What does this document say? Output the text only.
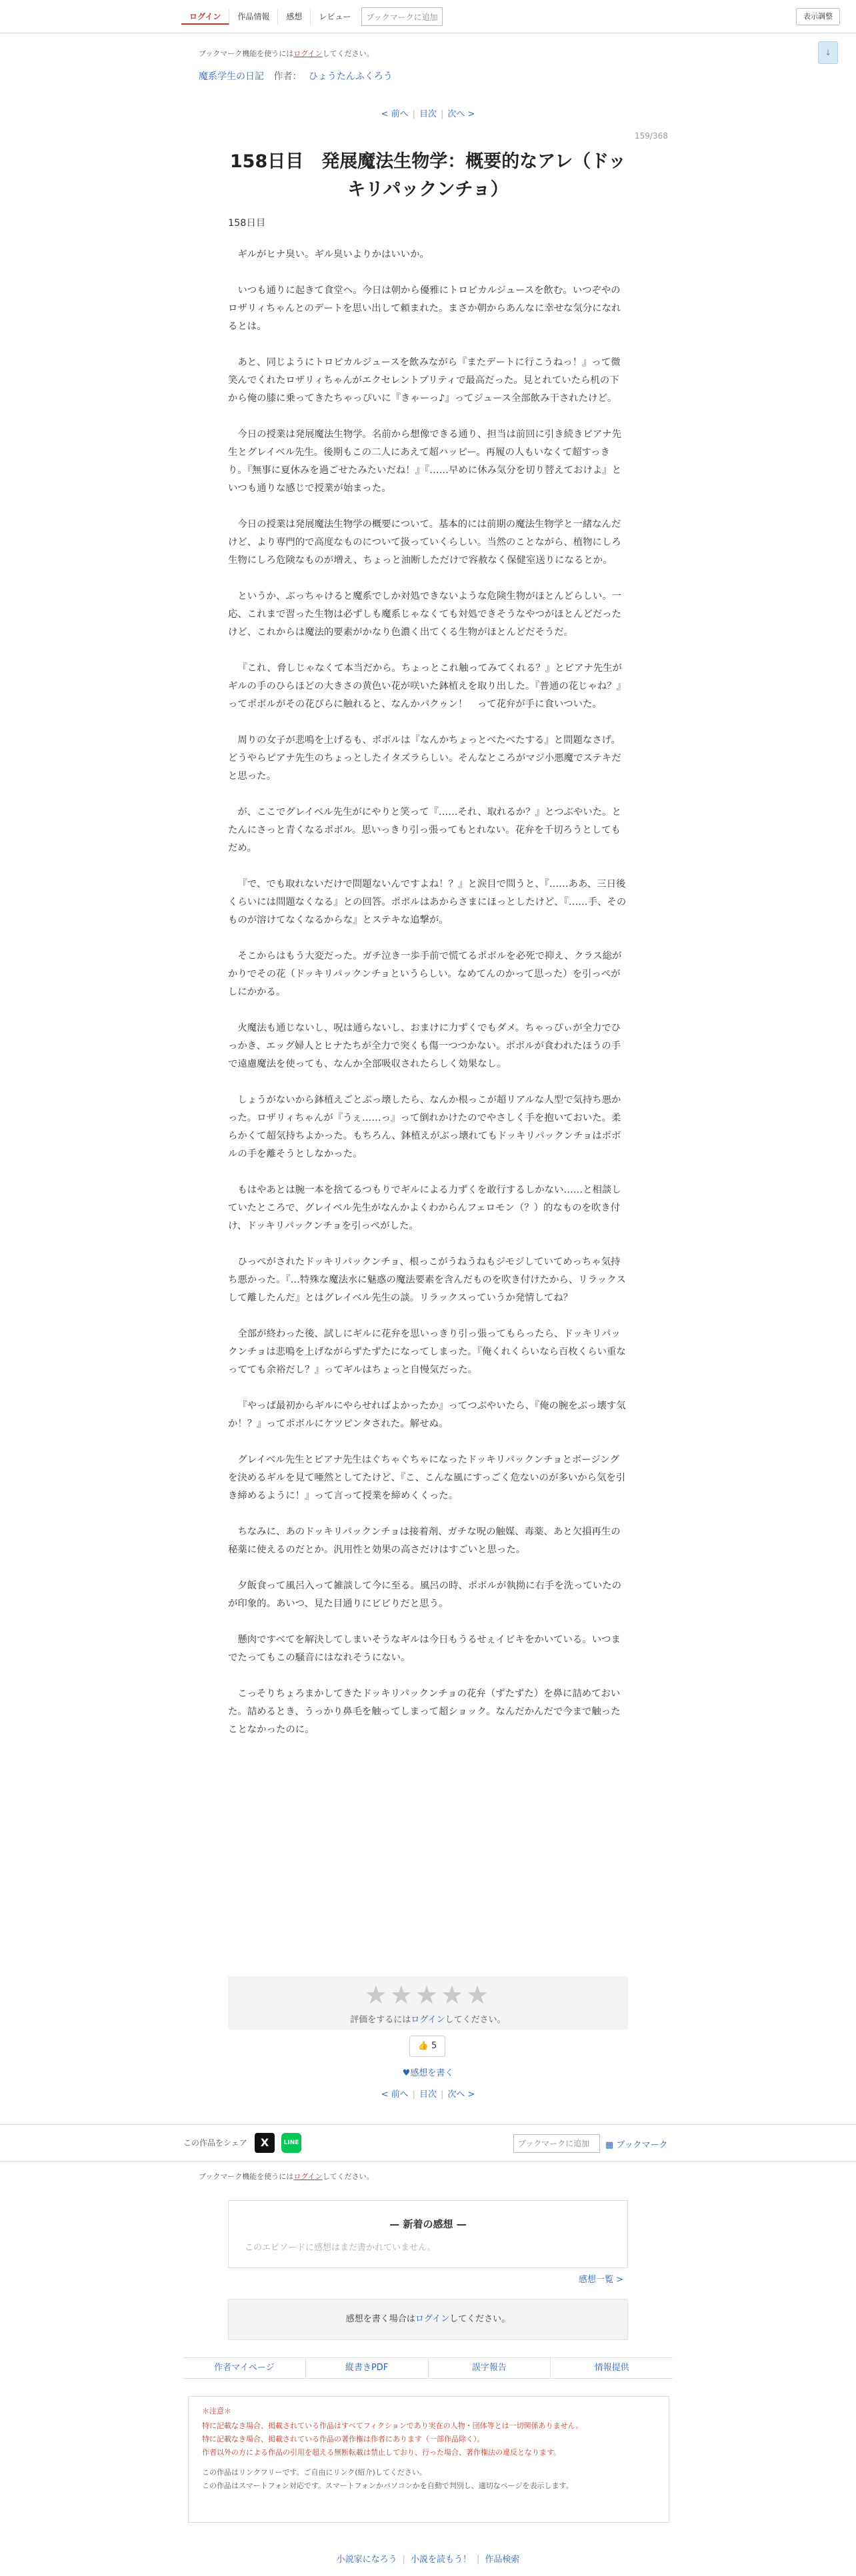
ログイン	作品情報	感想	レビュー	ブックマークに追加	表示調整
ブックマーク機能を使うにはログインしてください。	↓
魔系学生の日記 作者： ひょうたんふくろう
< 前へ | 目次 | 次へ >
159/368
158日目　発展魔法生物学：概要的なアレ（ドッキリパックンチョ）
158日目

ギルがヒナ臭い。ギル臭いよりかはいいか。

いつも通りに起きて食堂へ。今日は朝から優雅にトロピカルジュースを飲む。いつぞやのロザリィちゃんとのデートを思い出して頼まれた。まさか朝からあんなに幸せな気分になれるとは。

あと、同じようにトロピカルジュースを飲みながら『またデートに行こうねっ！』って微笑んでくれたロザリィちゃんがエクセレントプリティで最高だった。見とれていたら机の下から俺の膝に乗ってきたちゃっぴいに『きゃーっ♪』ってジュース全部飲み干されたけど。

今日の授業は発展魔法生物学。名前から想像できる通り、担当は前回に引き続きピアナ先生とグレイベル先生。後期もこの二人にあえて超ハッピー。再履の人もいなくて超すっきり。『無事に夏休みを過ごせたみたいだね！』『……早めに休み気分を切り替えておけよ』といつも通りな感じで授業が始まった。

今日の授業は発展魔法生物学の概要について。基本的には前期の魔法生物学と一緒なんだけど、より専門的で高度なものについて扱っていくらしい。当然のことながら、植物にしろ生物にしろ危険なものが増え、ちょっと油断しただけで容赦なく保健室送りになるとか。

というか、ぶっちゃけると魔系でしか対処できないような危険生物がほとんどらしい。一応、これまで習った生物は必ずしも魔系じゃなくても対処できそうなやつがほとんどだったけど、これからは魔法的要素がかなり色濃く出てくる生物がほとんどだそうだ。

『これ、脅しじゃなくて本当だから。ちょっとこれ触ってみてくれる？』とピアナ先生がギルの手のひらほどの大きさの黄色い花が咲いた鉢植えを取り出した。『普通の花じゃね？』ってポボルがその花びらに触れると、なんかパクゥン！　って花弁が手に食いついた。

周りの女子が悲鳴を上げるも、ポボルは『なんかちょっとべたべたする』と問題なさげ。どうやらピアナ先生のちょっとしたイタズラらしい。そんなところがマジ小悪魔でステキだと思った。

が、ここでグレイベル先生がにやりと笑って『……それ、取れるか？』とつぶやいた。とたんにさっと青くなるポボル。思いっきり引っ張ってもとれない。花弁を千切ろうとしてもだめ。

『で、でも取れないだけで問題ないんですよね！？』と涙目で問うと、『……ああ、三日後くらいには問題なくなる』との回答。ポボルはあからさまにほっとしたけど、『……手、そのものが溶けてなくなるからな』とステキな追撃が。

そこからはもう大変だった。ガチ泣き一歩手前で慌てるポボルを必死で抑え、クラス総がかりでその花（ドッキリパックンチョというらしい。なめてんのかって思った）を引っぺがしにかかる。

火魔法も通じないし、呪は通らないし、おまけに力ずくでもダメ。ちゃっぴぃが全力でひっかき、エッグ婦人とヒナたちが全力で突くも傷一つつかない。ポボルが食われたほうの手で遠慮魔法を使っても、なんか全部吸収されたらしく効果なし。

しょうがないから鉢植えごとぶっ壊したら、なんか根っこが超リアルな人型で気持ち悪かった。ロザリィちゃんが『うぇ……っ』って倒れかけたのでやさしく手を抱いておいた。柔らかくて超気持ちよかった。もちろん、鉢植えがぶっ壊れてもドッキリパックンチョはポボルの手を離そうとしなかった。

もはやあとは腕一本を捨てるつもりでギルによる力ずくを敢行するしかない……と相談していたところで、グレイベル先生がなんかよくわからんフェロモン（？）的なものを吹き付け、ドッキリパックンチョを引っぺがした。

ひっぺがされたドッキリパックンチョ、根っこがうねうねもジモジしていてめっちゃ気持ち悪かった。『…特殊な魔法水に魅惑の魔法要素を含んだものを吹き付けたから、リラックスして離したんだ』とはグレイベル先生の談。リラックスっていうか発情してね？

全部が終わった後、試しにギルに花弁を思いっきり引っ張ってもらったら、ドッキリパックンチョは悲鳴を上げながらずたずたになってしまった。『俺くれくらいなら百枚くらい重なってても余裕だし？』ってギルはちょっと自慢気だった。

『やっぱ最初からギルにやらせればよかったか』ってつぶやいたら、『俺の腕をぶっ壊す気か！？』ってポボルにケツピンタされた。解せぬ。

グレイベル先生とピアナ先生はぐちゃぐちゃになったドッキリパックンチョとボージングを決めるギルを見て唖然としてたけど、『こ、こんな風にすっごく危ないのが多いから気を引き締めるように！』って言って授業を締めくくった。

ちなみに、あのドッキリパックンチョは接着剤、ガチな呪の触媒、毒薬、あと欠損再生の秘薬に使えるのだとか。汎用性と効果の高さだけはすごいと思った。

夕飯食って風呂入って雑談して今に至る。風呂の時、ポボルが執拗に右手を洗っていたのが印象的。あいつ、見た目通りにビビりだと思う。

懸肉ですべてを解決してしまいそうなギルは今日もうるせぇイビキをかいている。いつまでたってもこの騒音にはなれそうにない。

こっそりちょろまかしてきたドッキリパックンチョの花弁（ずたずた）を鼻に詰めておいた。詰めるとき、うっかり鼻毛を触ってしまって超ショック。なんだかんだで今まで触ったことなかったのに。

★★★★★
評価をするにはログインしてください。
👍 5
♥感想を書く
< 前へ | 目次 | 次へ >
この作品をシェア	X	LINE	ブックマークに追加	▦ ブックマーク
ブックマーク機能を使うにはログインしてください。
— 新着の感想 —
このエピソードに感想はまだ書かれていません。
感想一覧 >
感想を書く場合はログインしてください。
作者マイページ	縦書きPDF	誤字報告	情報提供
＊注意＊
特に記載なき場合、掲載されている作品はすべてフィクションであり実在の人物・団体等とは一切関係ありません。
特に記載なき場合、掲載されている作品の著作権は作者にあります（一部作品除く）。
作者以外の方による作品の引用を超える無断転載は禁止しており、行った場合、著作権法の違反となります。
この作品はリンクフリーです。ご自由にリンク(紹介)してください。
この作品はスマートフォン対応です。スマートフォンかパソコンかを自動で判別し、適切なページを表示します。
小説家になろう | 小説を読もう！ | 作品検索
